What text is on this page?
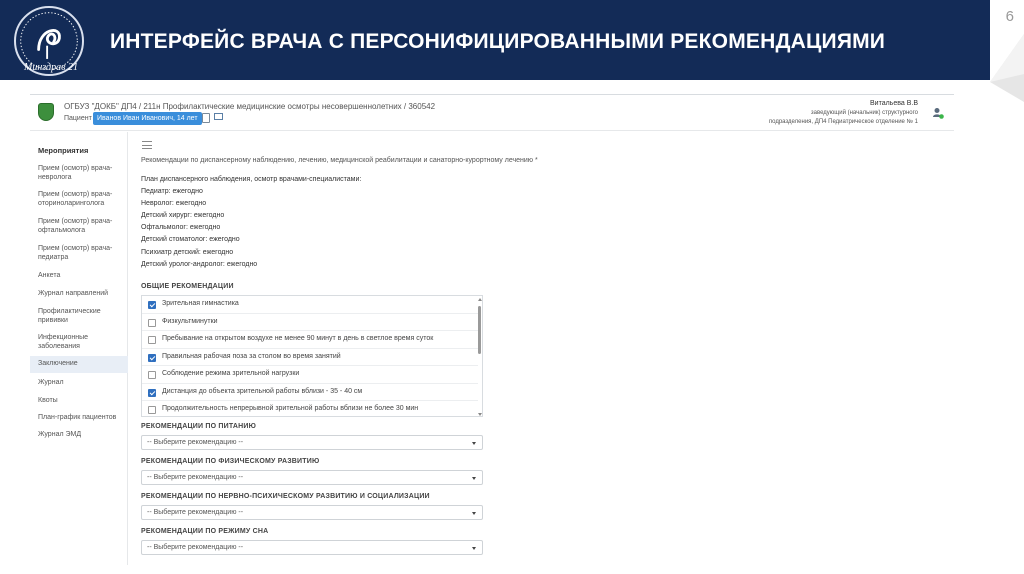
Минздрав 21
ИНТЕРФЕЙС ВРАЧА С ПЕРСОНИФИЦИРОВАННЫМИ РЕКОМЕНДАЦИЯМИ
6
ОГБУЗ "ДОКБ" ДП4 / 211н Профилактические медицинские осмотры несовершеннолетних / 360542
Пациент Иванов Иван Иванович, 14 лет
Витальева В.В
заведующий (начальник) структурного подразделения, ДП4 Педиатрическое отделение № 1
Мероприятия
Прием (осмотр) врача-невролога
Прием (осмотр) врача-оториноларинголога
Прием (осмотр) врача-офтальмолога
Прием (осмотр) врача-педиатра
Анкета
Журнал направлений
Профилактические прививки
Инфекционные заболевания
Заключение
Журнал
Квоты
План-график пациентов
Журнал ЭМД
Рекомендации по диспансерному наблюдению, лечению, медицинской реабилитации и санаторно-курортному лечению *
План диспансерного наблюдения, осмотр врачами-специалистами:
Педиатр: ежегодно
Невролог: ежегодно
Детский хирург: ежегодно
Офтальмолог: ежегодно
Детский стоматолог: ежегодно
Психиатр детский: ежегодно
Детский уролог-андролог: ежегодно
ОБЩИЕ РЕКОМЕНДАЦИИ
Зрительная гимнастика
Физкультминутки
Пребывание на открытом воздухе не менее 90 минут в день в светлое время суток
Правильная рабочая поза за столом во время занятий
Соблюдение режима зрительной нагрузки
Дистанция до объекта зрительной работы вблизи - 35 - 40 см
Продолжительность непрерывной зрительной работы вблизи не более 30 мин
РЕКОМЕНДАЦИИ ПО ПИТАНИЮ
-- Выберите рекомендацию --
РЕКОМЕНДАЦИИ ПО ФИЗИЧЕСКОМУ РАЗВИТИЮ
-- Выберите рекомендацию --
РЕКОМЕНДАЦИИ ПО НЕРВНО-ПСИХИЧЕСКОМУ РАЗВИТИЮ И СОЦИАЛИЗАЦИИ
-- Выберите рекомендацию --
РЕКОМЕНДАЦИИ ПО РЕЖИМУ СНА
-- Выберите рекомендацию --
